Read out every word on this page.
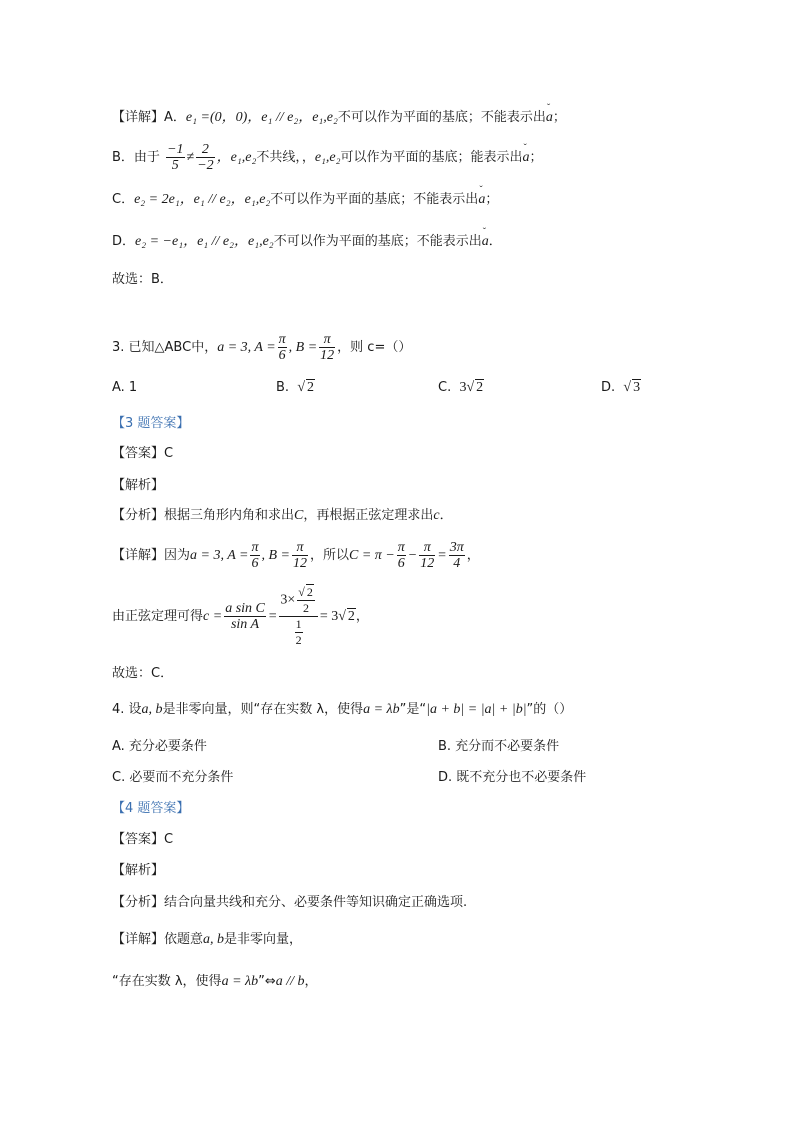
【详解】A．e₁ =(0，0)，e₁ // e₂，e₁,e₂不可以作为平面的基底；不能表示出ˇ a；
B．由于 $\frac{-1}{5} \ne \frac{2}{-2}$ ，e₁,e₂不共线，，e₁,e₂可以作为平面的基底；能表示出ˇ a；
C．e₂ = 2e₁，e₁ // e₂，e₁,e₂不可以作为平面的基底；不能表示出ˇ a；
D．e₂ = −e₁，e₁ // e₂，e₁,e₂不可以作为平面的基底；不能表示出ˇ a．
故选：B．
3. 已知△ABC中，a = 3, $A = \frac{\pi}{6}$ , $B = \frac{\pi}{12}$ ，则 c=（）
A. 1	B. √ 2	C. 3√ 2	D. √ 3
【3 题答案】
【答案】C
【解析】
【分析】根据三角形内角和求出C，再根据正弦定理求出c．
【详解】因为a = 3, $A = \frac{\pi}{6}$ , $B = \frac{\pi}{12}$ ，所以$C = \pi - \frac{\pi}{6} - \frac{\pi}{12} = \frac{3\pi}{4}$ ，
由正弦定理可得$c = \frac{\text{a sin C}}{\text{sin A}} = \frac{3\times \frac{√ 2}{2}}{\frac{1}{2}} = 3√$ 2，
故选：C．
4. 设a, b是非零向量，则“存在实数 λ，使得a = λb”是“|a + b| = |a| + |b|”的（）
A. 充分必要条件	B. 充分而不必要条件
C. 必要而不充分条件	D. 既不充分也不必要条件
【4 题答案】
【答案】C
【解析】
【分析】结合向量共线和充分、必要条件等知识确定正确选项.
【详解】依题意a, b是非零向量，
“存在实数 λ，使得a = λb”⇔a // b，
